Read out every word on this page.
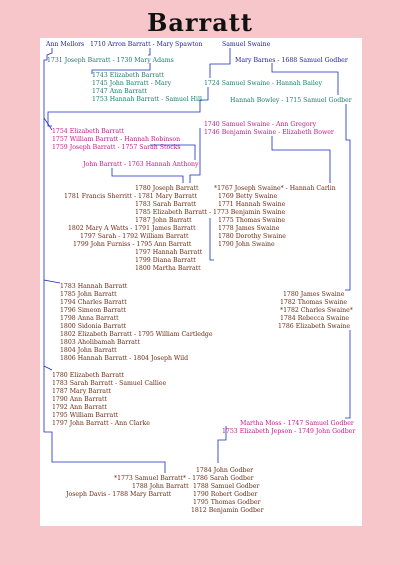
Barratt
Ann Mellors 1710 Arron Barratt - Mary Spawton	Samuel Swaine
1731 Joseph Barratt - 1730 Mary Adams	Mary Barnes - 1688 Samuel Godber
1743 Elizabeth Barratt
1745 John Barratt - Mary
1747 Ann Barratt
1753 Hannah Barratt - Samuel Hill
1724 Samuel Swaine - Hannah Bailey
Hannah Bowley - 1715 Samuel Godber
1754 Elizabeth Barratt
1757 William Barratt - Hannah Robinson
1759 Joseph Barratt - 1757 Sarah Stocks
1740 Samuel Swaine - Ann Gregory
1746 Benjamin Swaine - Elizabeth Bower
John Barratt - 1763 Hannah Anthony
1780 Joseph Barratt
1781 Francis Sherritt - 1781 Mary Barratt
1783 Sarah Barratt
1785 Elizabeth Barratt - 1773 Benjamin Swaine
1787 John Barratt
1802 Mary A Watts - 1791 James Barratt
1797 Sarah - 1792 William Barratt
1799 John Furniss - 1795 Ann Barratt
1797 Hannah Barratt
1799 Diana Barratt
1800 Martha Barratt
*1767 Joseph Swaine* - Hannah Carlin
1769 Betty Swaine
1771 Hannah Swaine
1775 Thomas Swaine
1778 James Swaine
1780 Dorothy Swaine
1790 John Swaine
1783 Hannah Barratt
1785 John Barratt
1794 Charles Barratt
1796 Simeon Barratt
1798 Anna Barratt
1800 Sidonia Barratt
1802 Elizabeth Barratt - 1795 William Cartledge
1803 Aholibamah Barratt
1804 John Barratt
1806 Hannah Barratt - 1804 Joseph Wild
1780 James Swaine
1782 Thomas Swaine
*1782 Charles Swaine*
1784 Rebecca Swaine
1786 Elizabeth Swaine
1780 Elizabeth Barratt
1783 Sarah Barratt - Samuel Calliee
1787 Mary Barratt
1790 Ann Barratt
1792 Ann Barratt
1795 William Barratt
1797 John Barratt - Ann Clarke	Martha Moss - 1747 Samuel Godber
1753 Elizabeth Jepson - 1749 John Godber
1784 John Godber
*1773 Samuel Barratt* - 1786 Sarah Godber
1788 John Barratt 1788 Samuel Godber
Joseph Davis - 1788 Mary Barratt	1790 Robert Godber
1795 Thomas Godber
1812 Benjamin Godber
